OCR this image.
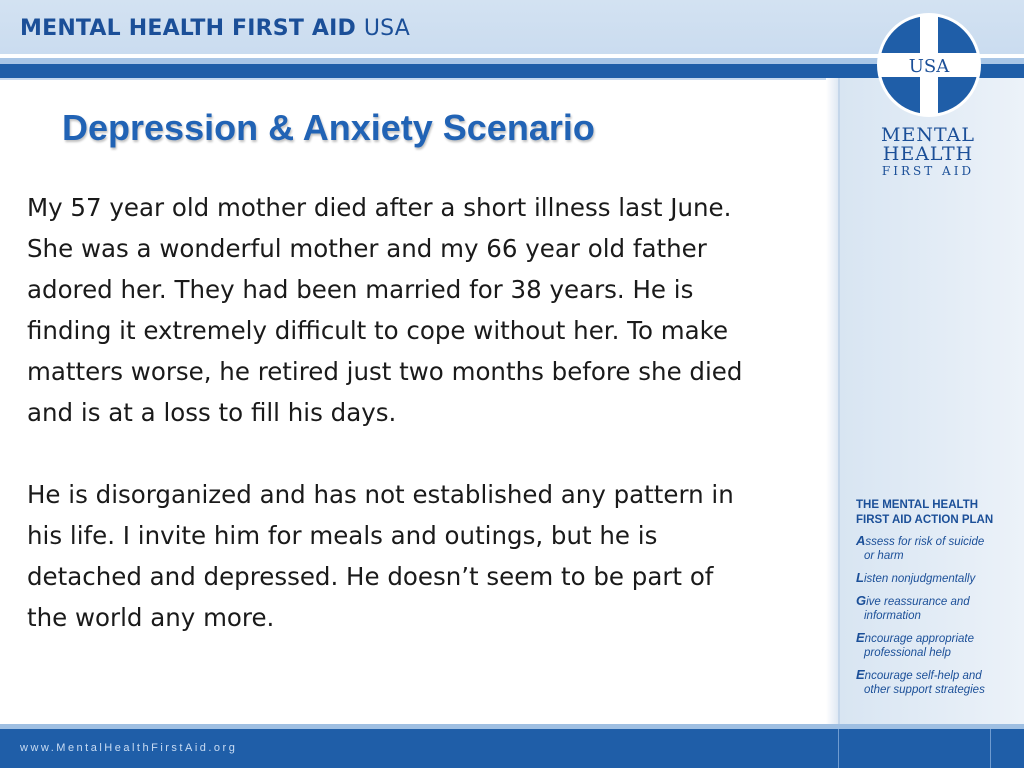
MENTAL HEALTH FIRST AID USA
USA
MENTAL
HEALTH
FIRST AID
Depression & Anxiety Scenario

My 57 year old mother died after a short illness last June.
She was a wonderful mother and my 66 year old father
adored her. They had been married for 38 years. He is
finding it extremely difficult to cope without her. To make
matters worse, he retired just two months before she died
and is at a loss to fill his days.

He is disorganized and has not established any pattern in
his life. I invite him for meals and outings, but he is
detached and depressed. He doesn’t seem to be part of
the world any more.

THE MENTAL HEALTH
FIRST AID ACTION PLAN
Assess for risk of suicide
or harm
Listen nonjudgmentally
Give reassurance and
information
Encourage appropriate
professional help
Encourage self-help and
other support strategies
www.MentalHealthFirstAid.org
